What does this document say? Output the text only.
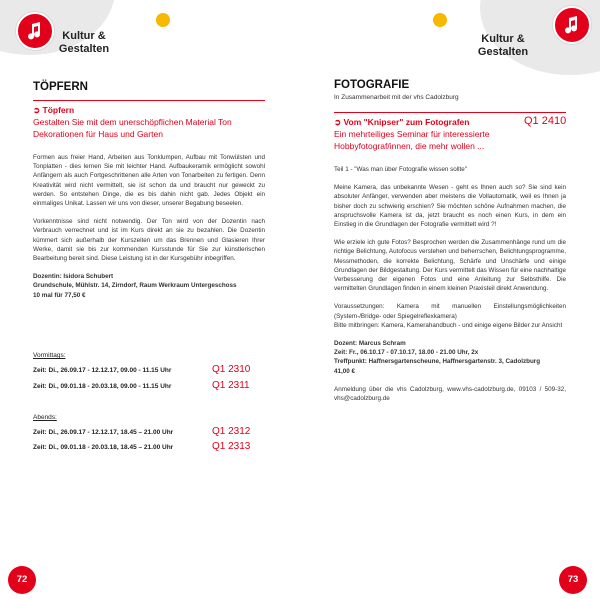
Kultur &
Gestalten
TÖPFERN
➲ Töpfern
Gestalten Sie mit dem unerschöpflichen Material Ton Dekorationen für Haus und Garten

Formen aus freier Hand, Arbeiten aus Tonklumpen, Aufbau mit Tonwülsten und Tonplatten - dies lernen Sie mit leichter Hand. Aufbaukeramik ermöglicht sowohl Anfängern als auch Fortgeschrittenen alle Arten von Tonarbeiten zu fertigen. Denn Kreativität wird nicht vermittelt, sie ist schon da und braucht nur geweckt zu werden. So entstehen Dinge, die es bis dahin nicht gab. Jedes Objekt ein einmaliges Unikat. Lassen wir uns von dieser, unserer Begabung beseelen.

Vorkenntnisse sind nicht notwendig. Der Ton wird von der Dozentin nach Verbrauch verrechnet und ist im Kurs direkt an sie zu bezahlen. Die Dozentin kümmert sich außerhalb der Kurszeiten um das Brennen und Glasieren Ihrer Werke, damit sie bis zur kommenden Kursstunde für Sie zur künstlerischen Bearbeitung bereit sind. Diese Leistung ist in der Kursgebühr inbegriffen.

Dozentin: Isidora Schubert

Grundschule, Mühlstr. 14, Zirndorf, Raum Werkraum Untergeschoss

10 mal für 77,50 €

Vormittags:
Zeit: Di., 26.09.17 - 12.12.17, 09.00 - 11.15 Uhr	Q1 2310
Zeit: Di., 09.01.18 - 20.03.18, 09.00 - 11.15 Uhr	Q1 2311
Abends:
Zeit: Di., 26.09.17 - 12.12.17, 18.45 – 21.00 Uhr	Q1 2312
Zeit: Di., 09.01.18 - 20.03.18, 18.45 – 21.00 Uhr	Q1 2313
72
Kultur &
Gestalten
FOTOGRAFIE
In Zusammenarbeit mit der vhs Cadolzburg
➲ Vom "Knipser" zum Fotografen	Q1 2410
Ein mehrteiliges Seminar für interessierte Hobbyfotograf/innen, die mehr wollen ...

Teil 1 - "Was man über Fotografie wissen sollte"

Meine Kamera, das unbekannte Wesen - geht es Ihnen auch so? Sie sind kein absoluter Anfänger, verwenden aber meistens die Vollautomatik, weil es Ihnen ja bisher doch zu schwierig erschien? Sie möchten schöne Aufnahmen machen, die anspruchsvolle Kamera ist da, jetzt braucht es noch einen Kurs, in dem ein Einstieg in die Grundlagen der Fotografie vermittelt wird ?!

Wie erziele ich gute Fotos? Besprochen werden die Zusammenhänge rund um die richtige Belichtung, Autofocus verstehen und beherrschen, Belichtungsprogramme, Messmethoden, die korrekte Belichtung, Schärfe und Unschärfe und einige Grundlagen der Bildgestaltung. Der Kurs vermittelt das Wissen für eine nachhaltige Verbesserung der eigenen Fotos und eine Anleitung zur Selbsthilfe. Die vermittelten Grundlagen finden in einem kleinen Praxisteil direkt Anwendung.

Voraussetzungen: Kamera mit manuellen Einstellungsmöglichkeiten (System-/Bridge- oder Spiegelreflexkamera)

Bitte mitbringen: Kamera, Kamerahandbuch - und einige eigene Bilder zur Ansicht

Dozent: Marcus Schram

Zeit: Fr., 06.10.17 - 07.10.17, 18.00 - 21.00 Uhr, 2x

Treffpunkt: Haffnersgartenscheune, Haffnersgartenstr. 3, Cadolzburg

41,00 €

Anmeldung über die vhs Cadolzburg, www.vhs-cadolzburg.de, 09103 / 509-32, vhs@cadolzburg.de

73
